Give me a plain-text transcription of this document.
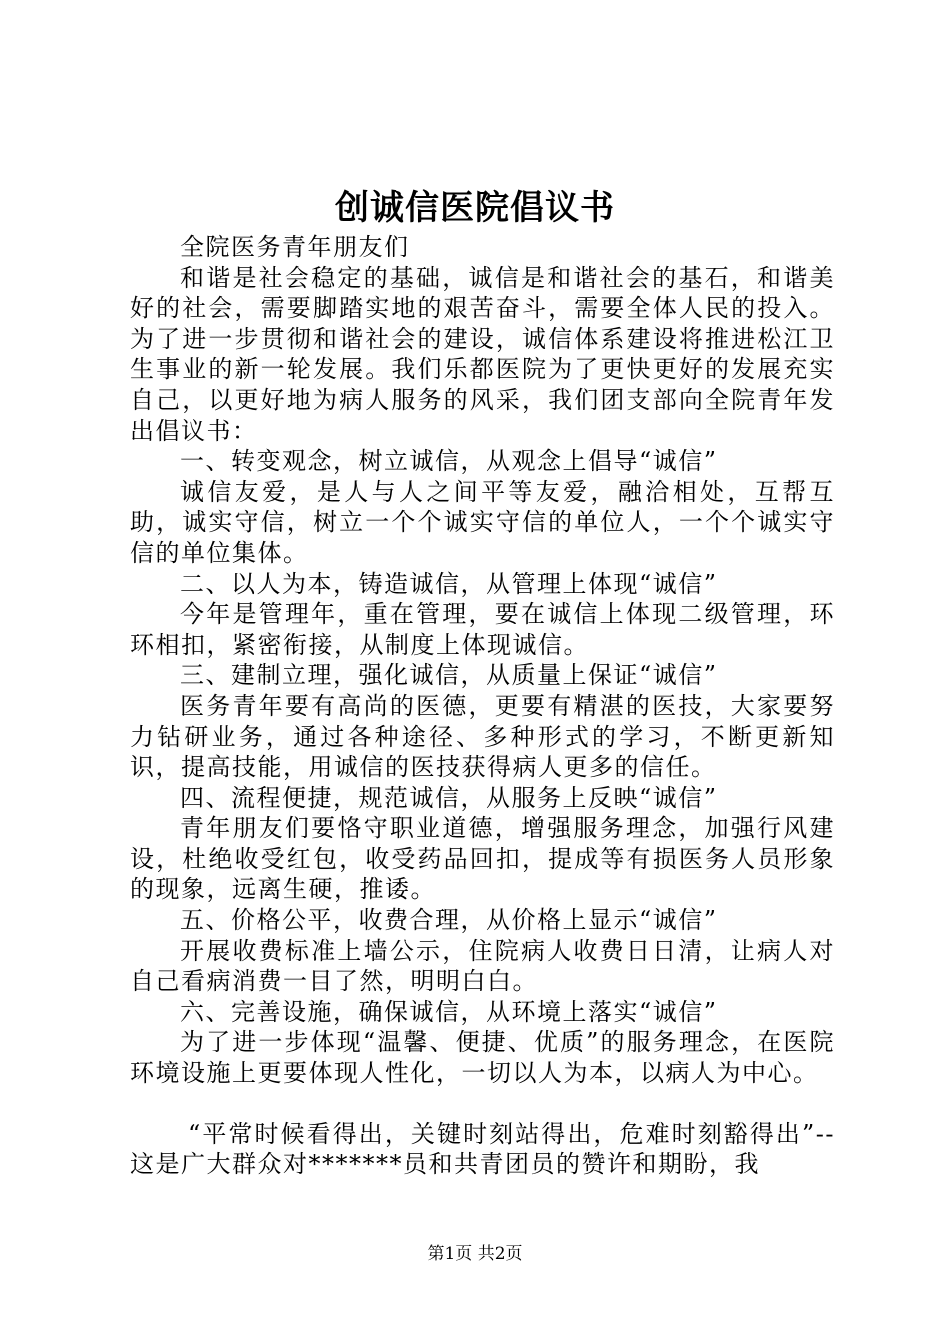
创诚信医院倡议书

全院医务青年朋友们

和谐是社会稳定的基础，诚信是和谐社会的基石，和谐美好的社会，需要脚踏实地的艰苦奋斗，需要全体人民的投入。为了进一步贯彻和谐社会的建设，诚信体系建设将推进松江卫生事业的新一轮发展。我们乐都医院为了更快更好的发展充实自己，以更好地为病人服务的风采，我们团支部向全院青年发出倡议书：

一、转变观念，树立诚信，从观念上倡导“诚信”

诚信友爱，是人与人之间平等友爱，融洽相处，互帮互助，诚实守信，树立一个个诚实守信的单位人，一个个诚实守信的单位集体。

二、以人为本，铸造诚信，从管理上体现“诚信”

今年是管理年，重在管理，要在诚信上体现二级管理，环环相扣，紧密衔接，从制度上体现诚信。

三、建制立理，强化诚信，从质量上保证“诚信”

医务青年要有高尚的医德，更要有精湛的医技，大家要努力钻研业务，通过各种途径、多种形式的学习，不断更新知识，提高技能，用诚信的医技获得病人更多的信任。

四、流程便捷，规范诚信，从服务上反映“诚信”

青年朋友们要恪守职业道德，增强服务理念，加强行风建设，杜绝收受红包，收受药品回扣，提成等有损医务人员形象的现象，远离生硬，推诿。

五、价格公平，收费合理，从价格上显示“诚信”

开展收费标准上墙公示，住院病人收费日日清，让病人对自己看病消费一目了然，明明白白。

六、完善设施，确保诚信，从环境上落实“诚信”

为了进一步体现“温馨、便捷、优质”的服务理念，在医院环境设施上更要体现人性化，一切以人为本，以病人为中心。

“平常时候看得出，关键时刻站得出，危难时刻豁得出”--这是广大群众对*******员和共青团员的赞许和期盼，我

第1页 共2页
